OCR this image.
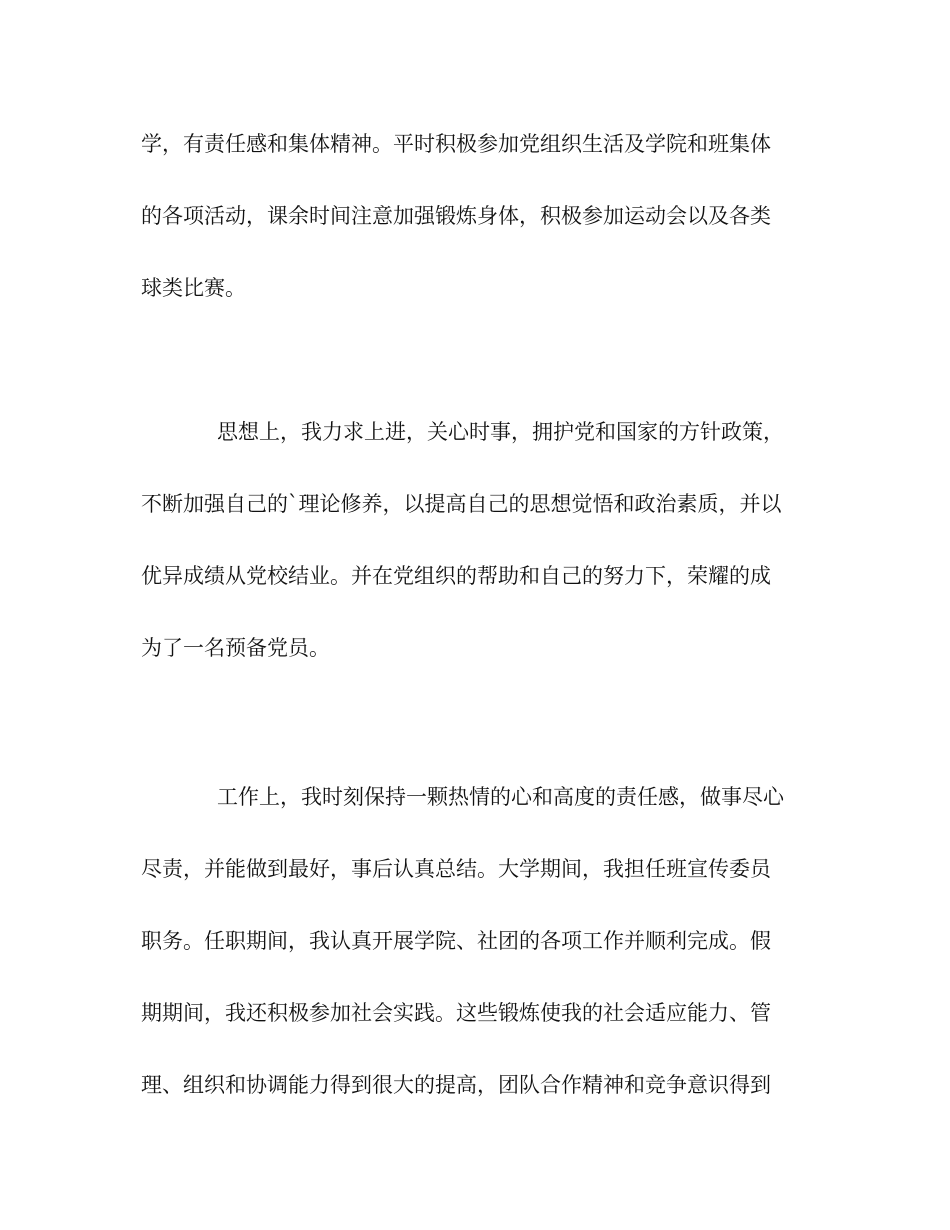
学，有责任感和集体精神。平时积极参加党组织生活及学院和班集体
的各项活动，课余时间注意加强锻炼身体，积极参加运动会以及各类
球类比赛。
思想上，我力求上进，关心时事，拥护党和国家的方针政策，
不断加强自己的`理论修养，以提高自己的思想觉悟和政治素质，并以
优异成绩从党校结业。并在党组织的帮助和自己的努力下，荣耀的成
为了一名预备党员。
工作上，我时刻保持一颗热情的心和高度的责任感，做事尽心
尽责，并能做到最好，事后认真总结。大学期间，我担任班宣传委员
职务。任职期间，我认真开展学院、社团的各项工作并顺利完成。假
期期间，我还积极参加社会实践。这些锻炼使我的社会适应能力、管
理、组织和协调能力得到很大的提高，团队合作精神和竞争意识得到
